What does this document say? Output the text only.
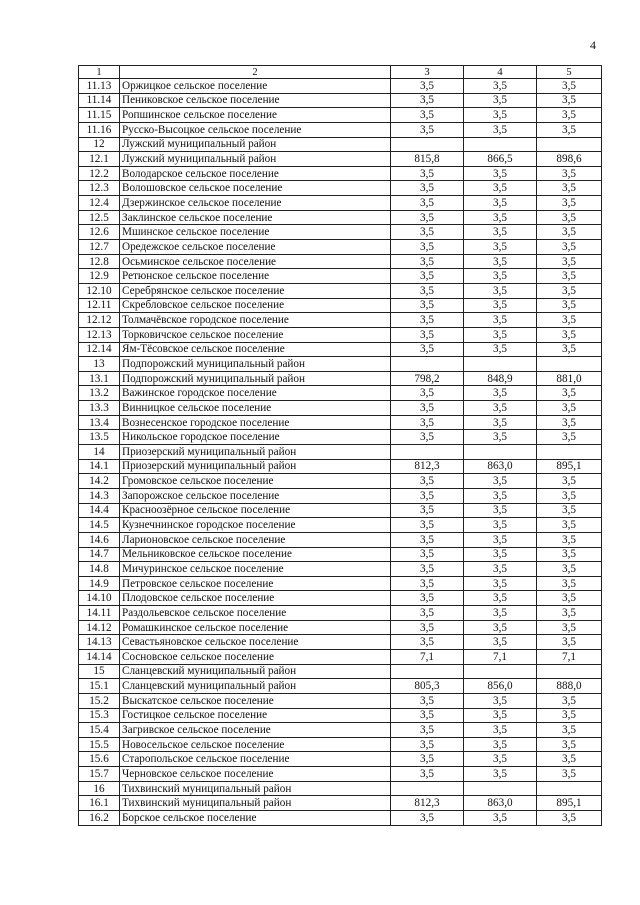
4
1	2	3	4	5
11.13	Оржицкое сельское поселение	3,5	3,5	3,5
11.14	Пениковское сельское поселение	3,5	3,5	3,5
11.15	Ропшинское сельское поселение	3,5	3,5	3,5
11.16	Русско-Высоцкое сельское поселение	3,5	3,5	3,5
12	Лужский муниципальный район			
12.1	Лужский муниципальный район	815,8	866,5	898,6
12.2	Володарское сельское поселение	3,5	3,5	3,5
12.3	Волошовское сельское поселение	3,5	3,5	3,5
12.4	Дзержинское сельское поселение	3,5	3,5	3,5
12.5	Заклинское сельское поселение	3,5	3,5	3,5
12.6	Мшинское сельское поселение	3,5	3,5	3,5
12.7	Оредежское сельское поселение	3,5	3,5	3,5
12.8	Осьминское сельское поселение	3,5	3,5	3,5
12.9	Ретюнское сельское поселение	3,5	3,5	3,5
12.10	Серебрянское сельское поселение	3,5	3,5	3,5
12.11	Скребловское сельское поселение	3,5	3,5	3,5
12.12	Толмачёвское городское поселение	3,5	3,5	3,5
12.13	Торковичское сельское поселение	3,5	3,5	3,5
12.14	Ям-Тёсовское сельское поселение	3,5	3,5	3,5
13	Подпорожский муниципальный район			
13.1	Подпорожский муниципальный район	798,2	848,9	881,0
13.2	Важинское городское поселение	3,5	3,5	3,5
13.3	Винницкое сельское поселение	3,5	3,5	3,5
13.4	Вознесенское городское поселение	3,5	3,5	3,5
13.5	Никольское городское поселение	3,5	3,5	3,5
14	Приозерский муниципальный район			
14.1	Приозерский муниципальный район	812,3	863,0	895,1
14.2	Громовское сельское поселение	3,5	3,5	3,5
14.3	Запорожское сельское поселение	3,5	3,5	3,5
14.4	Красноозёрное сельское поселение	3,5	3,5	3,5
14.5	Кузнечнинское городское поселение	3,5	3,5	3,5
14.6	Ларионовское сельское поселение	3,5	3,5	3,5
14.7	Мельниковское сельское поселение	3,5	3,5	3,5
14.8	Мичуринское сельское поселение	3,5	3,5	3,5
14.9	Петровское сельское поселение	3,5	3,5	3,5
14.10	Плодовское сельское поселение	3,5	3,5	3,5
14.11	Раздольевское сельское поселение	3,5	3,5	3,5
14.12	Ромашкинское сельское поселение	3,5	3,5	3,5
14.13	Севастьяновское сельское поселение	3,5	3,5	3,5
14.14	Сосновское сельское поселение	7,1	7,1	7,1
15	Сланцевский муниципальный район			
15.1	Сланцевский муниципальный район	805,3	856,0	888,0
15.2	Выскатское сельское поселение	3,5	3,5	3,5
15.3	Гостицкое сельское поселение	3,5	3,5	3,5
15.4	Загривское сельское поселение	3,5	3,5	3,5
15.5	Новосельское сельское поселение	3,5	3,5	3,5
15.6	Старопольское сельское поселение	3,5	3,5	3,5
15.7	Черновское сельское поселение	3,5	3,5	3,5
16	Тихвинский муниципальный район			
16.1	Тихвинский муниципальный район	812,3	863,0	895,1
16.2	Борское сельское поселение	3,5	3,5	3,5
